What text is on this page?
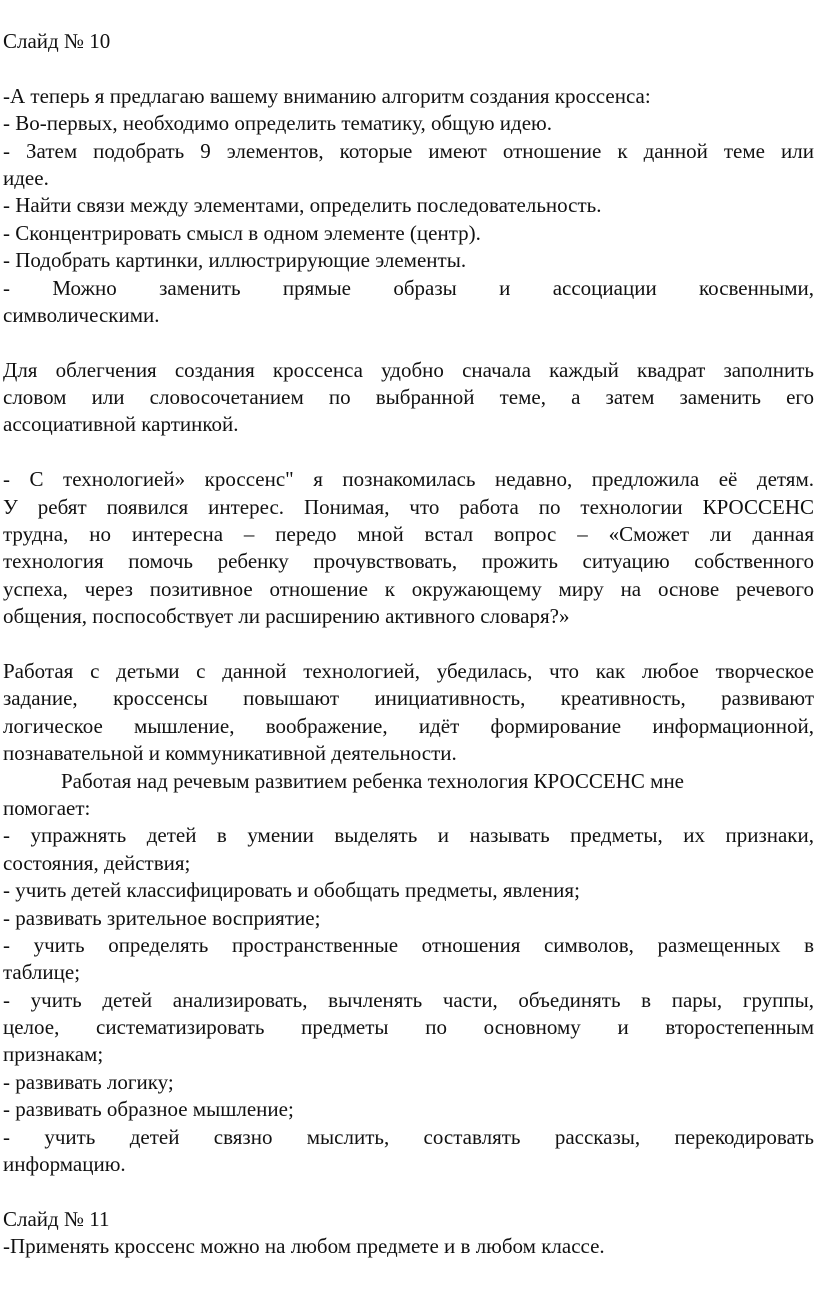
Слайд № 10
-А теперь я предлагаю вашему вниманию алгоритм создания кроссенса:
- Во-первых, необходимо определить тематику, общую идею.
- Затем подобрать 9 элементов, которые имеют отношение к данной теме или
идее.
- Найти связи между элементами, определить последовательность.
- Сконцентрировать смысл в одном элементе (центр).
- Подобрать картинки, иллюстрирующие элементы.
- Можно заменить прямые образы и ассоциации косвенными,
символическими.
Для облегчения создания кроссенса удобно сначала каждый квадрат заполнить
словом или словосочетанием по выбранной теме, а затем заменить его
ассоциативной картинкой.
- С технологией» кроссенс" я познакомилась недавно, предложила её детям.
У ребят появился интерес. Понимая, что работа по технологии КРОССЕНС
трудна, но интересна – передо мной встал вопрос – «Сможет ли данная
технология помочь ребенку прочувствовать, прожить ситуацию собственного
успеха, через позитивное отношение к окружающему миру на основе речевого
общения, поспособствует ли расширению активного словаря?»
Работая с детьми с данной технологией, убедилась, что как любое творческое
задание, кроссенсы повышают инициативность, креативность, развивают
логическое мышление, воображение, идёт формирование информационной,
познавательной и коммуникативной деятельности.
Работая над речевым развитием ребенка технология КРОССЕНС мне
помогает:
- упражнять детей в умении выделять и называть предметы, их признаки,
состояния, действия;
- учить детей классифицировать и обобщать предметы, явления;
- развивать зрительное восприятие;
- учить определять пространственные отношения символов, размещенных в
таблице;
- учить детей анализировать, вычленять части, объединять в пары, группы,
целое, систематизировать предметы по основному и второстепенным
признакам;
- развивать логику;
- развивать образное мышление;
- учить детей связно мыслить, составлять рассказы, перекодировать
информацию.
Слайд № 11
-Применять кроссенс можно на любом предмете и в любом классе.
